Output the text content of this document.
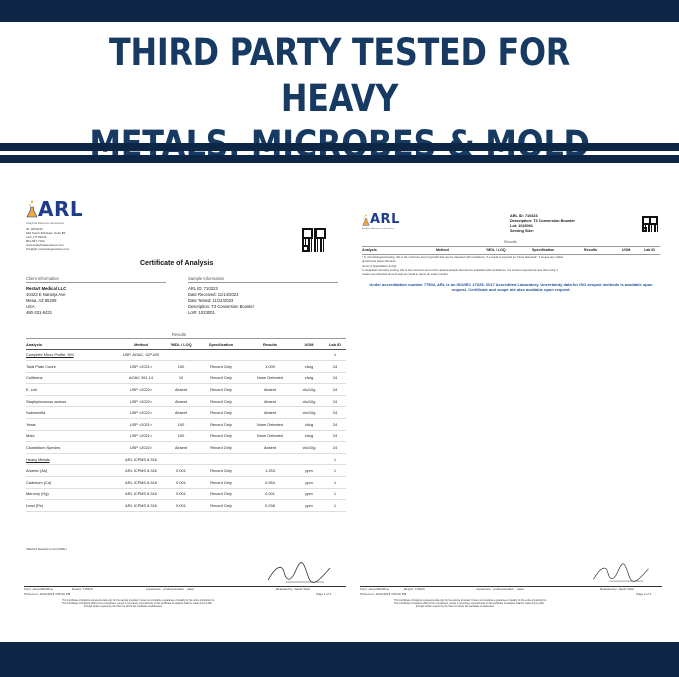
THIRD PARTY TESTED FOR HEAVY
ARL
Analytical Resource Laboratories
ID: JR04233
626 South 300 East, Suite B3
Lehi, UT 84043
801-997-7722
www.analyticalresource.com
info@arl-consultingservices.com
Certificate of Analysis
Client Information	Sample Information
Restart Medical LLC
10423 E Naranja Ave
Mesa, AZ 85209
USA
480-331-8431
ARL ID: 710323
Date Received: 11/14/2023
Date Tested: 11/21/2023
Description: T3 Conversion Booster
Lot#: 1023001
Results
Analysis	Method	¹MDL / LOQ	Specification	Results	UOM	Lab ID
Complete Micro Profile, HM	USP, AOAC, ICP-MS					1
Total Plate Count	USP <2021>	100	Record Only	1,000	cfu/g	24
Coliforms	AOAC 991.14	10	Record Only	None Detected	cfu/g	24
E. coli	USP <2022>	Absent	Record Only	Absent	cfu/10g	24
Staphylococcus aureus	USP <2022>	Absent	Record Only	Absent	cfu/10g	24
Salmonella	USP <2022>	Absent	Record Only	Absent	cfu/10g	24
Yeast	USP <2021>	100	Record Only	None Detected	cfu/g	24
Mold	USP <2021>	100	Record Only	None Detected	cfu/g	24
Clostridium Species	USP <2022>	Absent	Record Only	Absent	cfu/10g	24
Heavy Metals	ARL ICPMS 8.316					1
Arsenic (As)	ARL ICPMS 8.316	0.001	Record Only	1.253	ppm	1
Cadmium (Cd)	ARL ICPMS 8.316	0.001	Record Only	0.054	ppm	1
Mercury (Hg)	ARL ICPMS 8.316	0.001	Record Only	0.001	ppm	1
Lead (Pb)	ARL ICPMS 8.316	0.001	Record Only	0.298	ppm	1
¹Method Detection Limit (MDL)
Form: arlcoa031201a	Report: 710323	experience · professionalism · value	Released by: Jacob Teller
Printed on: 11/21/2023 4:56:02 PM	Page 1 of 2
This Certificate of Analysis represents data only for the sample provided. It does not constitute a guarantee of quality for the entire production lot.
This Certificate of Analysis shall not be reproduced, except in its entirety. Amendments to this certificate of analysis shall be made only by ARL
through written request by the Client to whom this certificate is addressed.
ARL
Analytical Resource Laboratories
ARL ID: 710323
Description: T3 Conversion Booster
Lot: 1023001
Serving Size:
Results
Analysis	Method	¹MDL / LOQ	Specification	Results	UOM	Lab ID
* In microbiological testing, this is the minimum level of growth that can be detected with confidence. If a result is reported as "None Detected", it means any visible
growth was below this limit.
²Limit of Quantitation (LOQ)
In analytical chemistry testing, this is the minimum level of the desired analyte that can be quantified with confidence. If a result is reported as less than LOQ, it
means any detected amount was too small to report an exact number.
Under accreditation number 77504, ARL is an ISO/IEC 17025: 2017 Accredited Laboratory. Uncertainty data for ISO-scoped methods is available upon request. Certificate and scope are also available upon request.
Form: arlcoa031201a	Report: 710323	experience · professionalism · value	Released by: Jacob Teller
Printed on: 11/21/2023 4:56:02 PM	Page 2 of 2
This Certificate of Analysis represents data only for the sample provided. It does not constitute a guarantee of quality for the entire production lot.
This Certificate of Analysis shall not be reproduced, except in its entirety. Amendments to this certificate of analysis shall be made only by ARL
through written request by the Client to whom this certificate is addressed.
